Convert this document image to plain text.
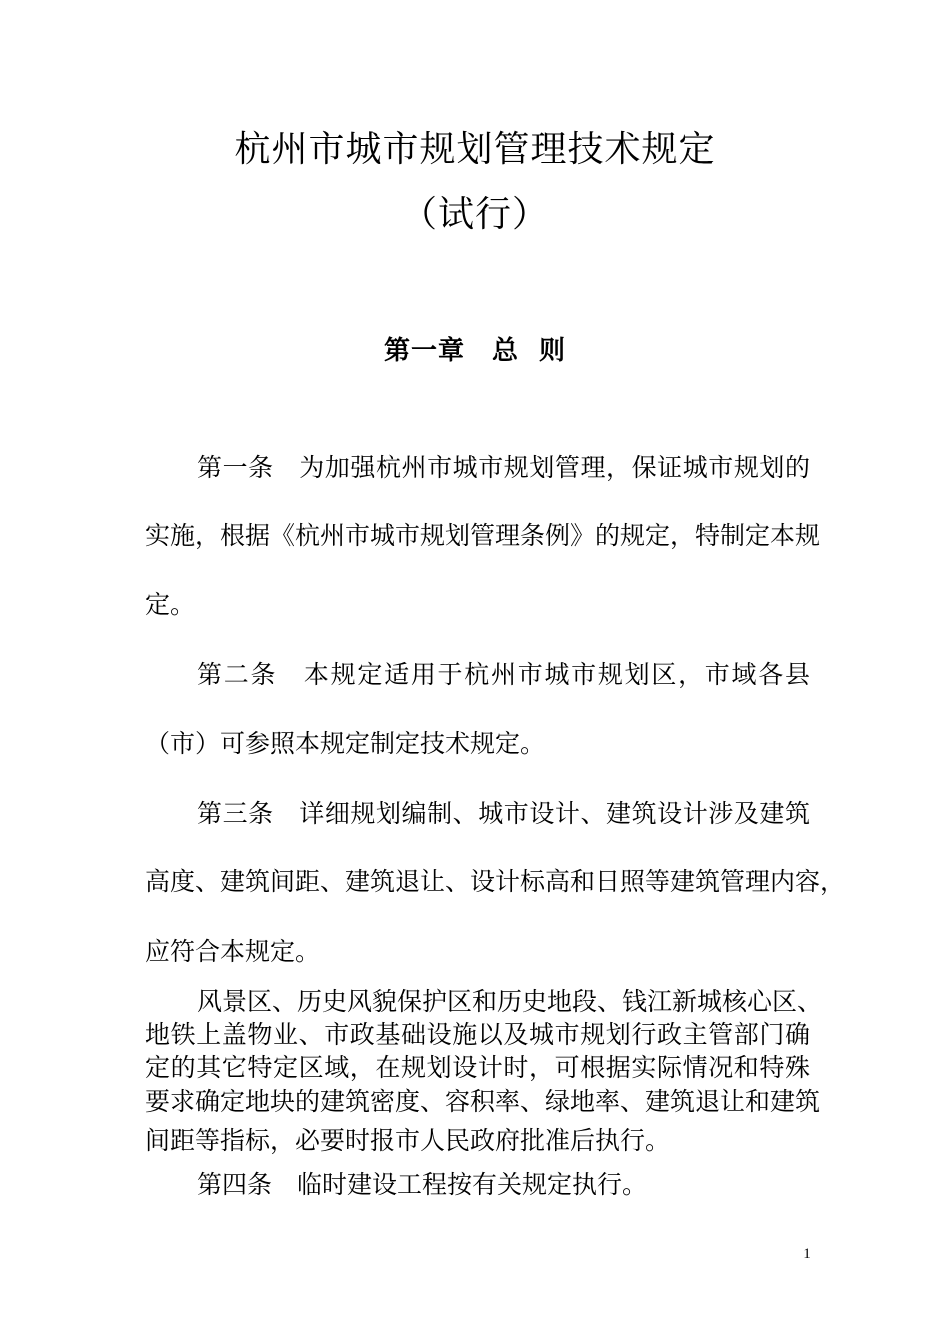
杭州市城市规划管理技术规定
（试行）
第一章　总 则
第一条　为加强杭州市城市规划管理，保证城市规划的
实施，根据《杭州市城市规划管理条例》的规定，特制定本规
定。
第二条　本规定适用于杭州市城市规划区，市域各县
（市）可参照本规定制定技术规定。
第三条　详细规划编制、城市设计、建筑设计涉及建筑
高度、建筑间距、建筑退让、设计标高和日照等建筑管理内容，
应符合本规定。
风景区、历史风貌保护区和历史地段、钱江新城核心区、
地铁上盖物业、市政基础设施以及城市规划行政主管部门确
定的其它特定区域，在规划设计时，可根据实际情况和特殊
要求确定地块的建筑密度、容积率、绿地率、建筑退让和建筑
间距等指标，必要时报市人民政府批准后执行。
第四条　临时建设工程按有关规定执行。
1
